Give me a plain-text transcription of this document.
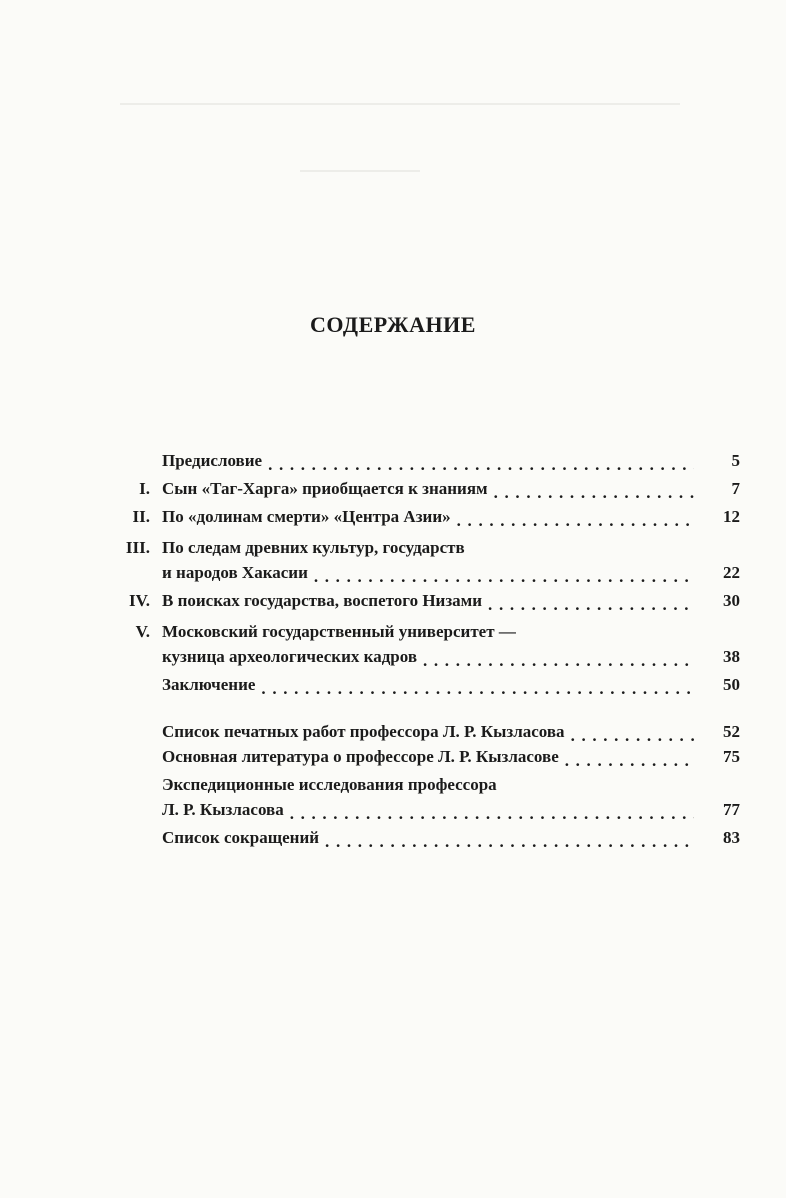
СОДЕРЖАНИЕ
Предисловие . . .	5
I. Сын «Таг-Харга» приобщается к знаниям . . .	7
II. По «долинам смерти» «Центра Азии» . . .	12
III. По следам древних культур, государств
и народов Хакасии . . .	22
IV. В поисках государства, воспетого Низами . . .	30
V. Московский государственный университет —
кузница археологических кадров . . .	38
Заключение . . .	50
Список печатных работ профессора Л. Р. Кызласова . . .	52
Основная литература о профессоре Л. Р. Кызласове . . .	75
Экспедиционные исследования профессора
Л. Р. Кызласова . . .	77
Список сокращений . . .	83
